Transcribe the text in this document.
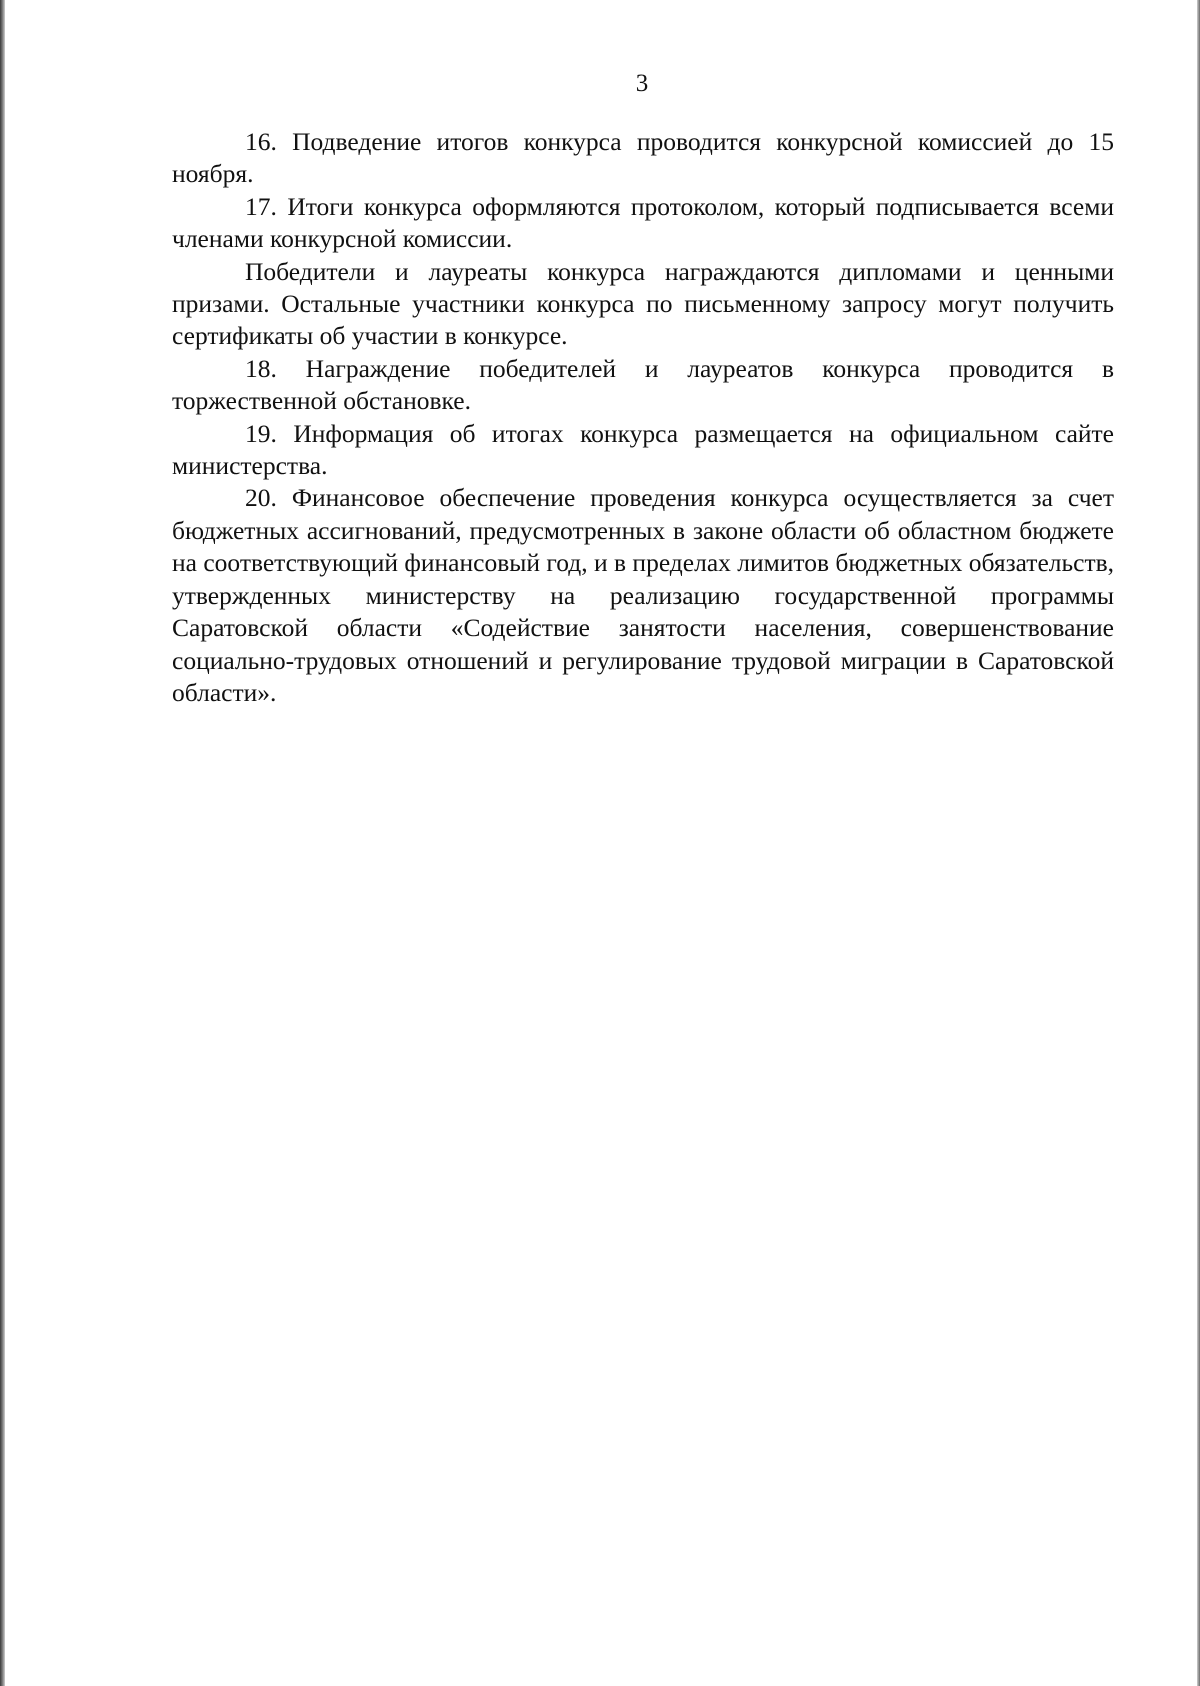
3

16. Подведение итогов конкурса проводится конкурсной комиссией до 15 ноября.

17. Итоги конкурса оформляются протоколом, который подписывается всеми членами конкурсной комиссии.

Победители и лауреаты конкурса награждаются дипломами и ценными призами. Остальные участники конкурса по письменному запросу могут получить сертификаты об участии в конкурсе.

18. Награждение победителей и лауреатов конкурса проводится в торжественной обстановке.

19. Информация об итогах конкурса размещается на официальном сайте министерства.

20. Финансовое обеспечение проведения конкурса осуществляется за счет бюджетных ассигнований, предусмотренных в законе области об областном бюджете на соответствующий финансовый год, и в пределах лимитов бюджетных обязательств, утвержденных министерству на реализацию государственной программы Саратовской области «Содействие занятости населения, совершенствование социально-трудовых отношений и регулирование трудовой миграции в Саратовской области».
